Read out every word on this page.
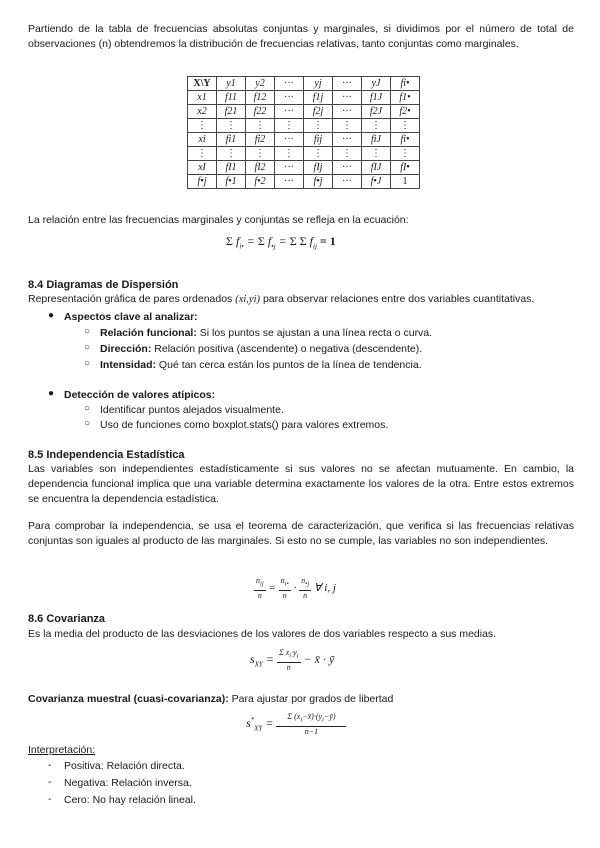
Partiendo de la tabla de frecuencias absolutas conjuntas y marginales, si dividimos por el número de total de observaciones (n) obtendremos la distribución de frecuencias relativas, tanto conjuntas como marginales.

X\Y	y1	y2	···	yj	···	yJ	fi•
x1	f11	f12	···	f1j	···	f1J	f1•
x2	f21	f22	···	f2j	···	f2J	f2•
⋮	⋮	⋮	⋮	⋮	⋮	⋮	⋮
xi	fi1	fi2	···	fij	···	fiJ	fi•
⋮	⋮	⋮	⋮	⋮	⋮	⋮	⋮
xI	fI1	fI2	···	fIj	···	fIJ	fI•
f•j	f•1	f•2	···	f•j	···	f•J	1

La relación entre las frecuencias marginales y conjuntas se refleja en la ecuación:

Σ $f_{i•} = \Sigma$ $f_{•j} = \Sigma$ Σ $f_{ij} = 1$

8.4 Diagramas de Dispersión

Representación gráfica de pares ordenados (xi,yi) para observar relaciones entre dos variables cuantitativas.

● Aspectos clave al analizar:

○ Relación funcional: Si los puntos se ajustan a una línea recta o curva.

○ Dirección: Relación positiva (ascendente) o negativa (descendente).

○ Intensidad: Qué tan cerca están los puntos de la línea de tendencia.

● Detección de valores atípicos:

○ Identificar puntos alejados visualmente.

○ Uso de funciones como boxplot.stats() para valores extremos.

8.5 Independencia Estadística

Las variables son independientes estadísticamente si sus valores no se afectan mutuamente. En cambio, la dependencia funcional implica que una variable determina exactamente los valores de la otra. Entre estos extremos se encuentra la dependencia estadística.

Para comprobar la independencia, se usa el teorema de caracterización, que verifica si las frecuencias relativas conjuntas son iguales al producto de las marginales. Si esto no se cumple, las variables no son independientes.

$\frac{n_{ij}}{n} = \frac{n_{i•}}{n} \cdot \frac{n_{•j}}{n}$ ∀ i, j

8.6 Covarianza

Es la media del producto de las desviaciones de los valores de dos variables respecto a sus medias.

$s_{XY} = \frac{\Sigma x_i\cdot y_i}{n}$ − x̄ · ȳ

Covarianza muestral (cuasi-covarianza): Para ajustar por grados de libertad

$s^*_{XY} = \frac{\Sigma (x_i-x̄)\cdot(y_i-ȳ)}{n-1}$

Interpretación:

- Positiva: Relación directa.

- Negativa: Relación inversa.

- Cero: No hay relación lineal.
